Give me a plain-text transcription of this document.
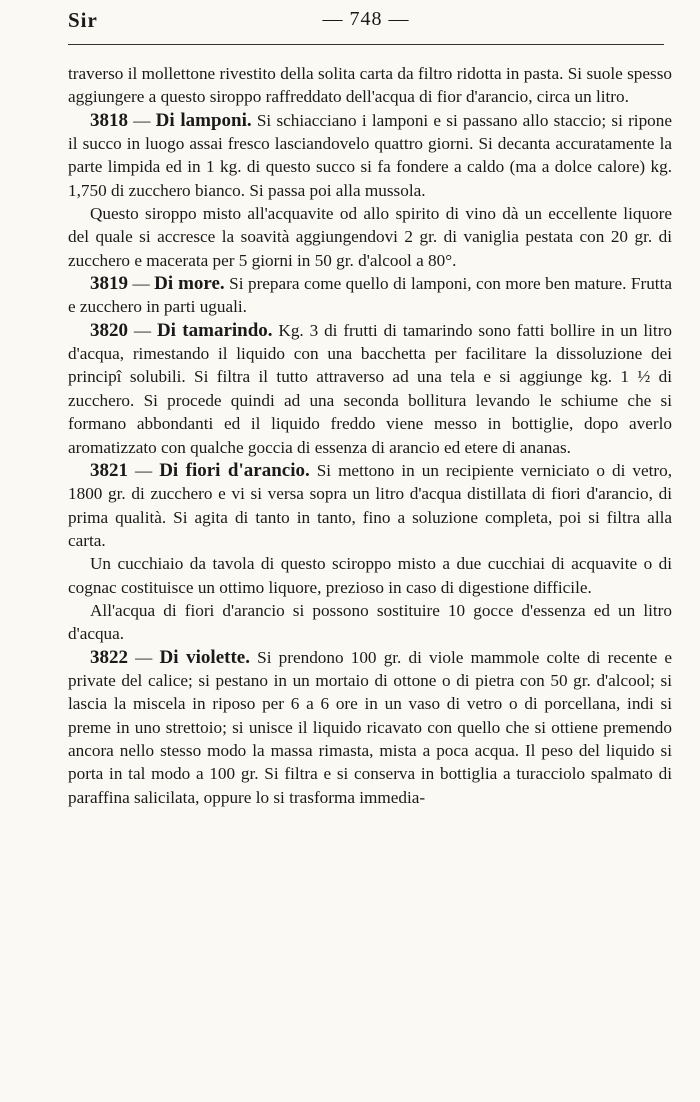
Sir	— 748 —

traverso il mollettone rivestito della solita carta da filtro ridotta in pasta. Si suole spesso aggiungere a questo siroppo raffreddato dell'acqua di fior d'arancio, circa un litro.

3818 — Di lamponi. Si schiacciano i lamponi e si passano allo staccio; si ripone il succo in luogo assai fresco lasciandovelo quattro giorni. Si decanta accuratamente la parte limpida ed in 1 kg. di questo succo si fa fondere a caldo (ma a dolce calore) kg. 1,750 di zucchero bianco. Si passa poi alla mussola.

Questo siroppo misto all'acquavite od allo spirito di vino dà un eccellente liquore del quale si accresce la soavità aggiungendovi 2 gr. di vaniglia pestata con 20 gr. di zucchero e macerata per 5 giorni in 50 gr. d'alcool a 80°.

3819 — Di more. Si prepara come quello di lamponi, con more ben mature. Frutta e zucchero in parti uguali.

3820 — Di tamarindo. Kg. 3 di frutti di tamarindo sono fatti bollire in un litro d'acqua, rimestando il liquido con una bacchetta per facilitare la dissoluzione dei principî solubili. Si filtra il tutto attraverso ad una tela e si aggiunge kg. 1 ½ di zucchero. Si procede quindi ad una seconda bollitura levando le schiume che si formano abbondanti ed il liquido freddo viene messo in bottiglie, dopo averlo aromatizzato con qualche goccia di essenza di arancio ed etere di ananas.

3821 — Di fiori d'arancio. Si mettono in un recipiente verniciato o di vetro, 1800 gr. di zucchero e vi si versa sopra un litro d'acqua distillata di fiori d'arancio, di prima qualità. Si agita di tanto in tanto, fino a soluzione completa, poi si filtra alla carta.

Un cucchiaio da tavola di questo sciroppo misto a due cucchiai di acquavite o di cognac costituisce un ottimo liquore, prezioso in caso di digestione difficile.

All'acqua di fiori d'arancio si possono sostituire 10 gocce d'essenza ed un litro d'acqua.

3822 — Di violette. Si prendono 100 gr. di viole mammole colte di recente e private del calice; si pestano in un mortaio di ottone o di pietra con 50 gr. d'alcool; si lascia la miscela in riposo per 6 a 6 ore in un vaso di vetro o di porcellana, indi si preme in uno strettoio; si unisce il liquido ricavato con quello che si ottiene premendo ancora nello stesso modo la massa rimasta, mista a poca acqua. Il peso del liquido si porta in tal modo a 100 gr. Si filtra e si conserva in bottiglia a turacciolo spalmato di paraffina salicilata, oppure lo si trasforma immedia-
